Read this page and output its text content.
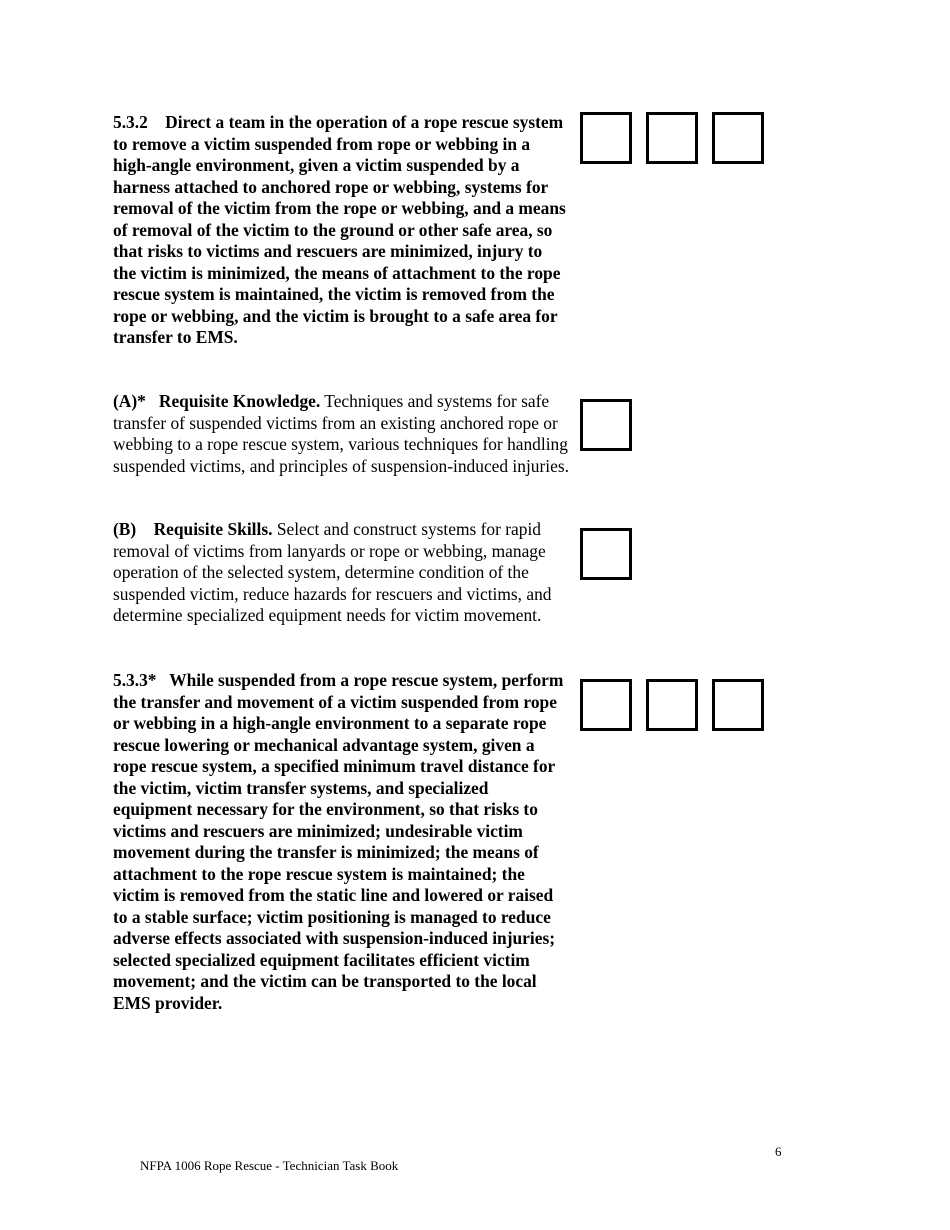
5.3.2 Direct a team in the operation of a rope rescue system to remove a victim suspended from rope or webbing in a high-angle environment, given a victim suspended by a harness attached to anchored rope or webbing, systems for removal of the victim from the rope or webbing, and a means of removal of the victim to the ground or other safe area, so that risks to victims and rescuers are minimized, injury to the victim is minimized, the means of attachment to the rope rescue system is maintained, the victim is removed from the rope or webbing, and the victim is brought to a safe area for transfer to EMS.
(A)* Requisite Knowledge. Techniques and systems for safe transfer of suspended victims from an existing anchored rope or webbing to a rope rescue system, various techniques for handling suspended victims, and principles of suspension-induced injuries.
(B) Requisite Skills. Select and construct systems for rapid removal of victims from lanyards or rope or webbing, manage operation of the selected system, determine condition of the suspended victim, reduce hazards for rescuers and victims, and determine specialized equipment needs for victim movement.
5.3.3* While suspended from a rope rescue system, perform the transfer and movement of a victim suspended from rope or webbing in a high-angle environment to a separate rope rescue lowering or mechanical advantage system, given a rope rescue system, a specified minimum travel distance for the victim, victim transfer systems, and specialized equipment necessary for the environment, so that risks to victims and rescuers are minimized; undesirable victim movement during the transfer is minimized; the means of attachment to the rope rescue system is maintained; the victim is removed from the static line and lowered or raised to a stable surface; victim positioning is managed to reduce adverse effects associated with suspension-induced injuries; selected specialized equipment facilitates efficient victim movement; and the victim can be transported to the local EMS provider.
6
NFPA 1006 Rope Rescue - Technician Task Book
